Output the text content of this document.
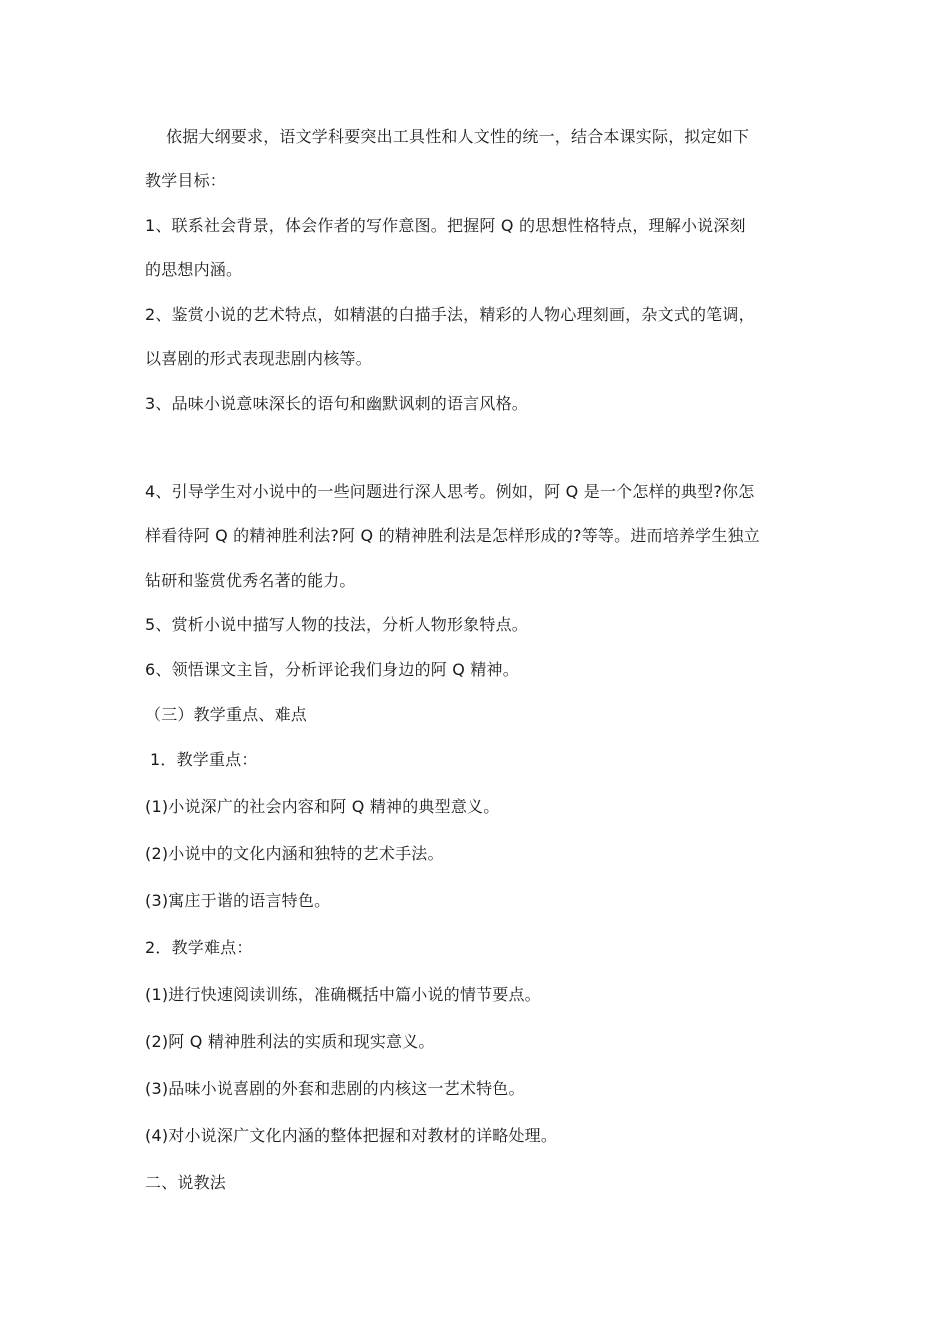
依据大纲要求，语文学科要突出工具性和人文性的统一，结合本课实际，拟定如下
教学目标：
1、联系社会背景，体会作者的写作意图。把握阿 Q 的思想性格特点，理解小说深刻
的思想内涵。
2、鉴赏小说的艺术特点，如精湛的白描手法，精彩的人物心理刻画，杂文式的笔调，
以喜剧的形式表现悲剧内核等。
3、品味小说意味深长的语句和幽默讽刺的语言风格。
4、引导学生对小说中的一些问题进行深人思考。例如，阿 Q 是一个怎样的典型?你怎
样看待阿 Q 的精神胜利法?阿 Q 的精神胜利法是怎样形成的?等等。进而培养学生独立
钻研和鉴赏优秀名著的能力。
5、赏析小说中描写人物的技法，分析人物形象特点。
6、领悟课文主旨，分析评论我们身边的阿 Q 精神。
（三）教学重点、难点
1．教学重点：
(1)小说深广的社会内容和阿 Q 精神的典型意义。
(2)小说中的文化内涵和独特的艺术手法。
(3)寓庄于谐的语言特色。
2．教学难点：
(1)进行快速阅读训练，准确概括中篇小说的情节要点。
(2)阿 Q 精神胜利法的实质和现实意义。
(3)品味小说喜剧的外套和悲剧的内核这一艺术特色。
(4)对小说深广文化内涵的整体把握和对教材的详略处理。
二、说教法
